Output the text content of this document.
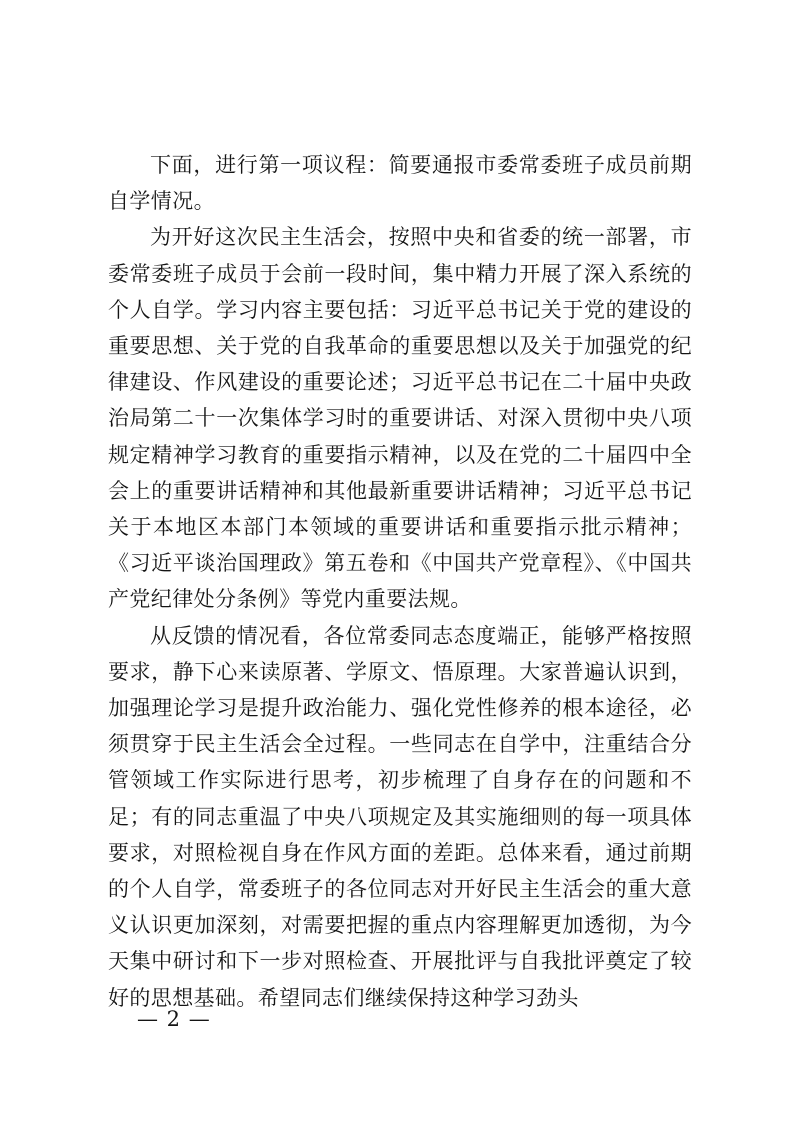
下面，进行第一项议程：简要通报市委常委班子成员前期自学情况。

为开好这次民主生活会，按照中央和省委的统一部署，市委常委班子成员于会前一段时间，集中精力开展了深入系统的个人自学。学习内容主要包括：习近平总书记关于党的建设的重要思想、关于党的自我革命的重要思想以及关于加强党的纪律建设、作风建设的重要论述；习近平总书记在二十届中央政治局第二十一次集体学习时的重要讲话、对深入贯彻中央八项规定精神学习教育的重要指示精神，以及在党的二十届四中全会上的重要讲话精神和其他最新重要讲话精神；习近平总书记关于本地区本部门本领域的重要讲话和重要指示批示精神；《习近平谈治国理政》第五卷和《中国共产党章程》、《中国共产党纪律处分条例》等党内重要法规。

从反馈的情况看，各位常委同志态度端正，能够严格按照要求，静下心来读原著、学原文、悟原理。大家普遍认识到，加强理论学习是提升政治能力、强化党性修养的根本途径，必须贯穿于民主生活会全过程。一些同志在自学中，注重结合分管领域工作实际进行思考，初步梳理了自身存在的问题和不足；有的同志重温了中央八项规定及其实施细则的每一项具体要求，对照检视自身在作风方面的差距。总体来看，通过前期的个人自学，常委班子的各位同志对开好民主生活会的重大意义认识更加深刻，对需要把握的重点内容理解更加透彻，为今天集中研讨和下一步对照检查、开展批评与自我批评奠定了较好的思想基础。希望同志们继续保持这种学习劲头

— 2 —
